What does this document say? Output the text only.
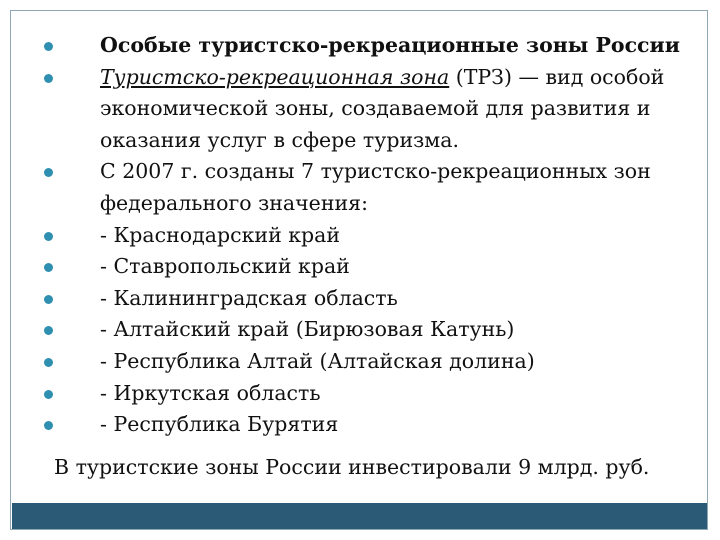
Особые туристско-рекреационные зоны России
Туристско-рекреационная зона (ТРЗ) — вид особой экономической зоны, создаваемой для развития и оказания услуг в сфере туризма.
С 2007 г. созданы 7 туристско-рекреационных зон федерального значения:
- Краснодарский край
- Ставропольский край
- Калининградская область
- Алтайский край (Бирюзовая Катунь)
- Республика Алтай (Алтайская долина)
- Иркутская область
- Республика Бурятия
В туристские зоны России инвестировали 9 млрд. руб.
